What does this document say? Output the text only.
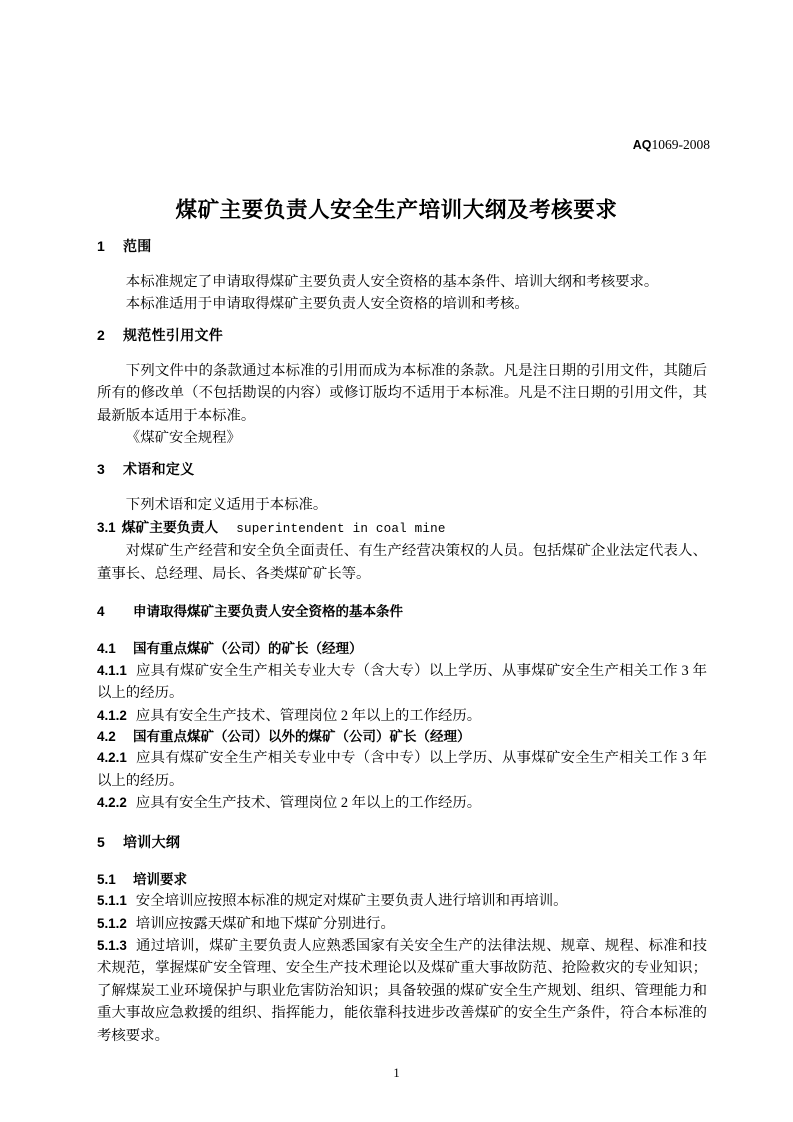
AQ1069-2008
煤矿主要负责人安全生产培训大纲及考核要求

1 范围

本标准规定了申请取得煤矿主要负责人安全资格的基本条件、培训大纲和考核要求。

本标准适用于申请取得煤矿主要负责人安全资格的培训和考核。

2 规范性引用文件

下列文件中的条款通过本标准的引用而成为本标准的条款。凡是注日期的引用文件，其随后所有的修改单（不包括勘误的内容）或修订版均不适用于本标准。凡是不注日期的引用文件，其最新版本适用于本标准。

《煤矿安全规程》

3 术语和定义

下列术语和定义适用于本标准。

3.1 煤矿主要负责人 superintendent in coal mine

对煤矿生产经营和安全负全面责任、有生产经营决策权的人员。包括煤矿企业法定代表人、董事长、总经理、局长、各类煤矿矿长等。

4 申请取得煤矿主要负责人安全资格的基本条件

4.1 国有重点煤矿（公司）的矿长（经理）

4.1.1 应具有煤矿安全生产相关专业大专（含大专）以上学历、从事煤矿安全生产相关工作 3 年以上的经历。

4.1.2 应具有安全生产技术、管理岗位 2 年以上的工作经历。

4.2 国有重点煤矿（公司）以外的煤矿（公司）矿长（经理）

4.2.1 应具有煤矿安全生产相关专业中专（含中专）以上学历、从事煤矿安全生产相关工作 3 年以上的经历。

4.2.2 应具有安全生产技术、管理岗位 2 年以上的工作经历。

5 培训大纲

5.1 培训要求

5.1.1 安全培训应按照本标准的规定对煤矿主要负责人进行培训和再培训。

5.1.2 培训应按露天煤矿和地下煤矿分别进行。

5.1.3 通过培训，煤矿主要负责人应熟悉国家有关安全生产的法律法规、规章、规程、标准和技术规范，掌握煤矿安全管理、安全生产技术理论以及煤矿重大事故防范、抢险救灾的专业知识；了解煤炭工业环境保护与职业危害防治知识；具备较强的煤矿安全生产规划、组织、管理能力和重大事故应急救援的组织、指挥能力，能依靠科技进步改善煤矿的安全生产条件，符合本标准的考核要求。

1
